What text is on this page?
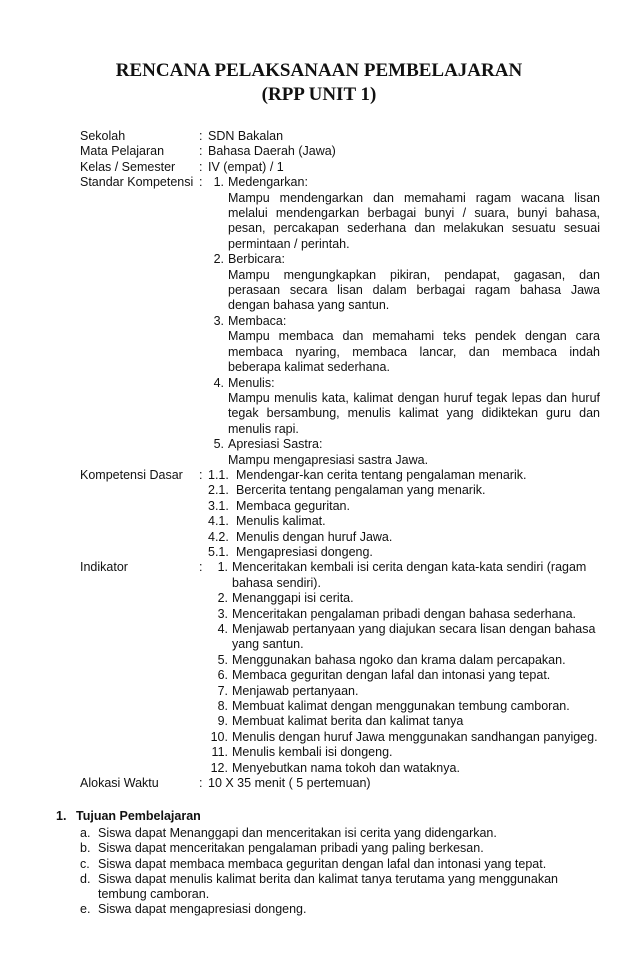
RENCANA PELAKSANAAN PEMBELAJARAN
(RPP UNIT 1)
Sekolah	: SDN Bakalan
Mata Pelajaran	: Bahasa Daerah (Jawa)
Kelas / Semester	: IV (empat) / 1
Standar Kompetensi : 1. Medengarkan:
Mampu mendengarkan dan memahami ragam wacana lisan melalui mendengarkan berbagai bunyi / suara, bunyi bahasa, pesan, percakapan sederhana dan melakukan sesuatu sesuai permintaan / perintah.
2. Berbicara:
Mampu mengungkapkan pikiran, pendapat, gagasan, dan perasaan secara lisan dalam berbagai ragam bahasa Jawa dengan bahasa yang santun.
3. Membaca:
Mampu membaca dan memahami teks pendek dengan cara membaca nyaring, membaca lancar, dan membaca indah beberapa kalimat sederhana.
4. Menulis:
Mampu menulis kata, kalimat dengan huruf tegak lepas dan huruf tegak bersambung, menulis kalimat yang didiktekan guru dan menulis rapi.
5. Apresiasi Sastra:
Mampu mengapresiasi sastra Jawa.
Kompetensi Dasar	: 1.1. Mendengar-kan cerita tentang pengalaman menarik.
2.1. Bercerita tentang pengalaman yang menarik.
3.1. Membaca geguritan.
4.1. Menulis kalimat.
4.2. Menulis dengan huruf Jawa.
5.1. Mengapresiasi dongeng.
Indikator	:	1. Menceritakan kembali isi cerita dengan kata-kata sendiri (ragam bahasa sendiri).
2. Menanggapi isi cerita.
3. Menceritakan pengalaman pribadi dengan bahasa sederhana.
4. Menjawab pertanyaan yang diajukan secara lisan dengan bahasa yang santun.
5. Menggunakan bahasa ngoko dan krama dalam percapakan.
6. Membaca geguritan dengan lafal dan intonasi yang tepat.
7. Menjawab pertanyaan.
8. Membuat kalimat dengan menggunakan tembung camboran.
9. Membuat kalimat berita dan kalimat tanya
10. Menulis dengan huruf Jawa menggunakan sandhangan panyigeg.
11. Menulis kembali isi dongeng.
12. Menyebutkan nama tokoh dan wataknya.
Alokasi Waktu	: 10 X 35 menit ( 5 pertemuan)
1. Tujuan Pembelajaran
a. Siswa dapat Menanggapi dan menceritakan isi cerita yang didengarkan.
b. Siswa dapat menceritakan pengalaman pribadi yang paling berkesan.
c. Siswa dapat membaca membaca geguritan dengan lafal dan intonasi yang tepat.
d. Siswa dapat menulis kalimat berita dan kalimat tanya terutama yang menggunakan tembung camboran.
e. Siswa dapat mengapresiasi dongeng.
